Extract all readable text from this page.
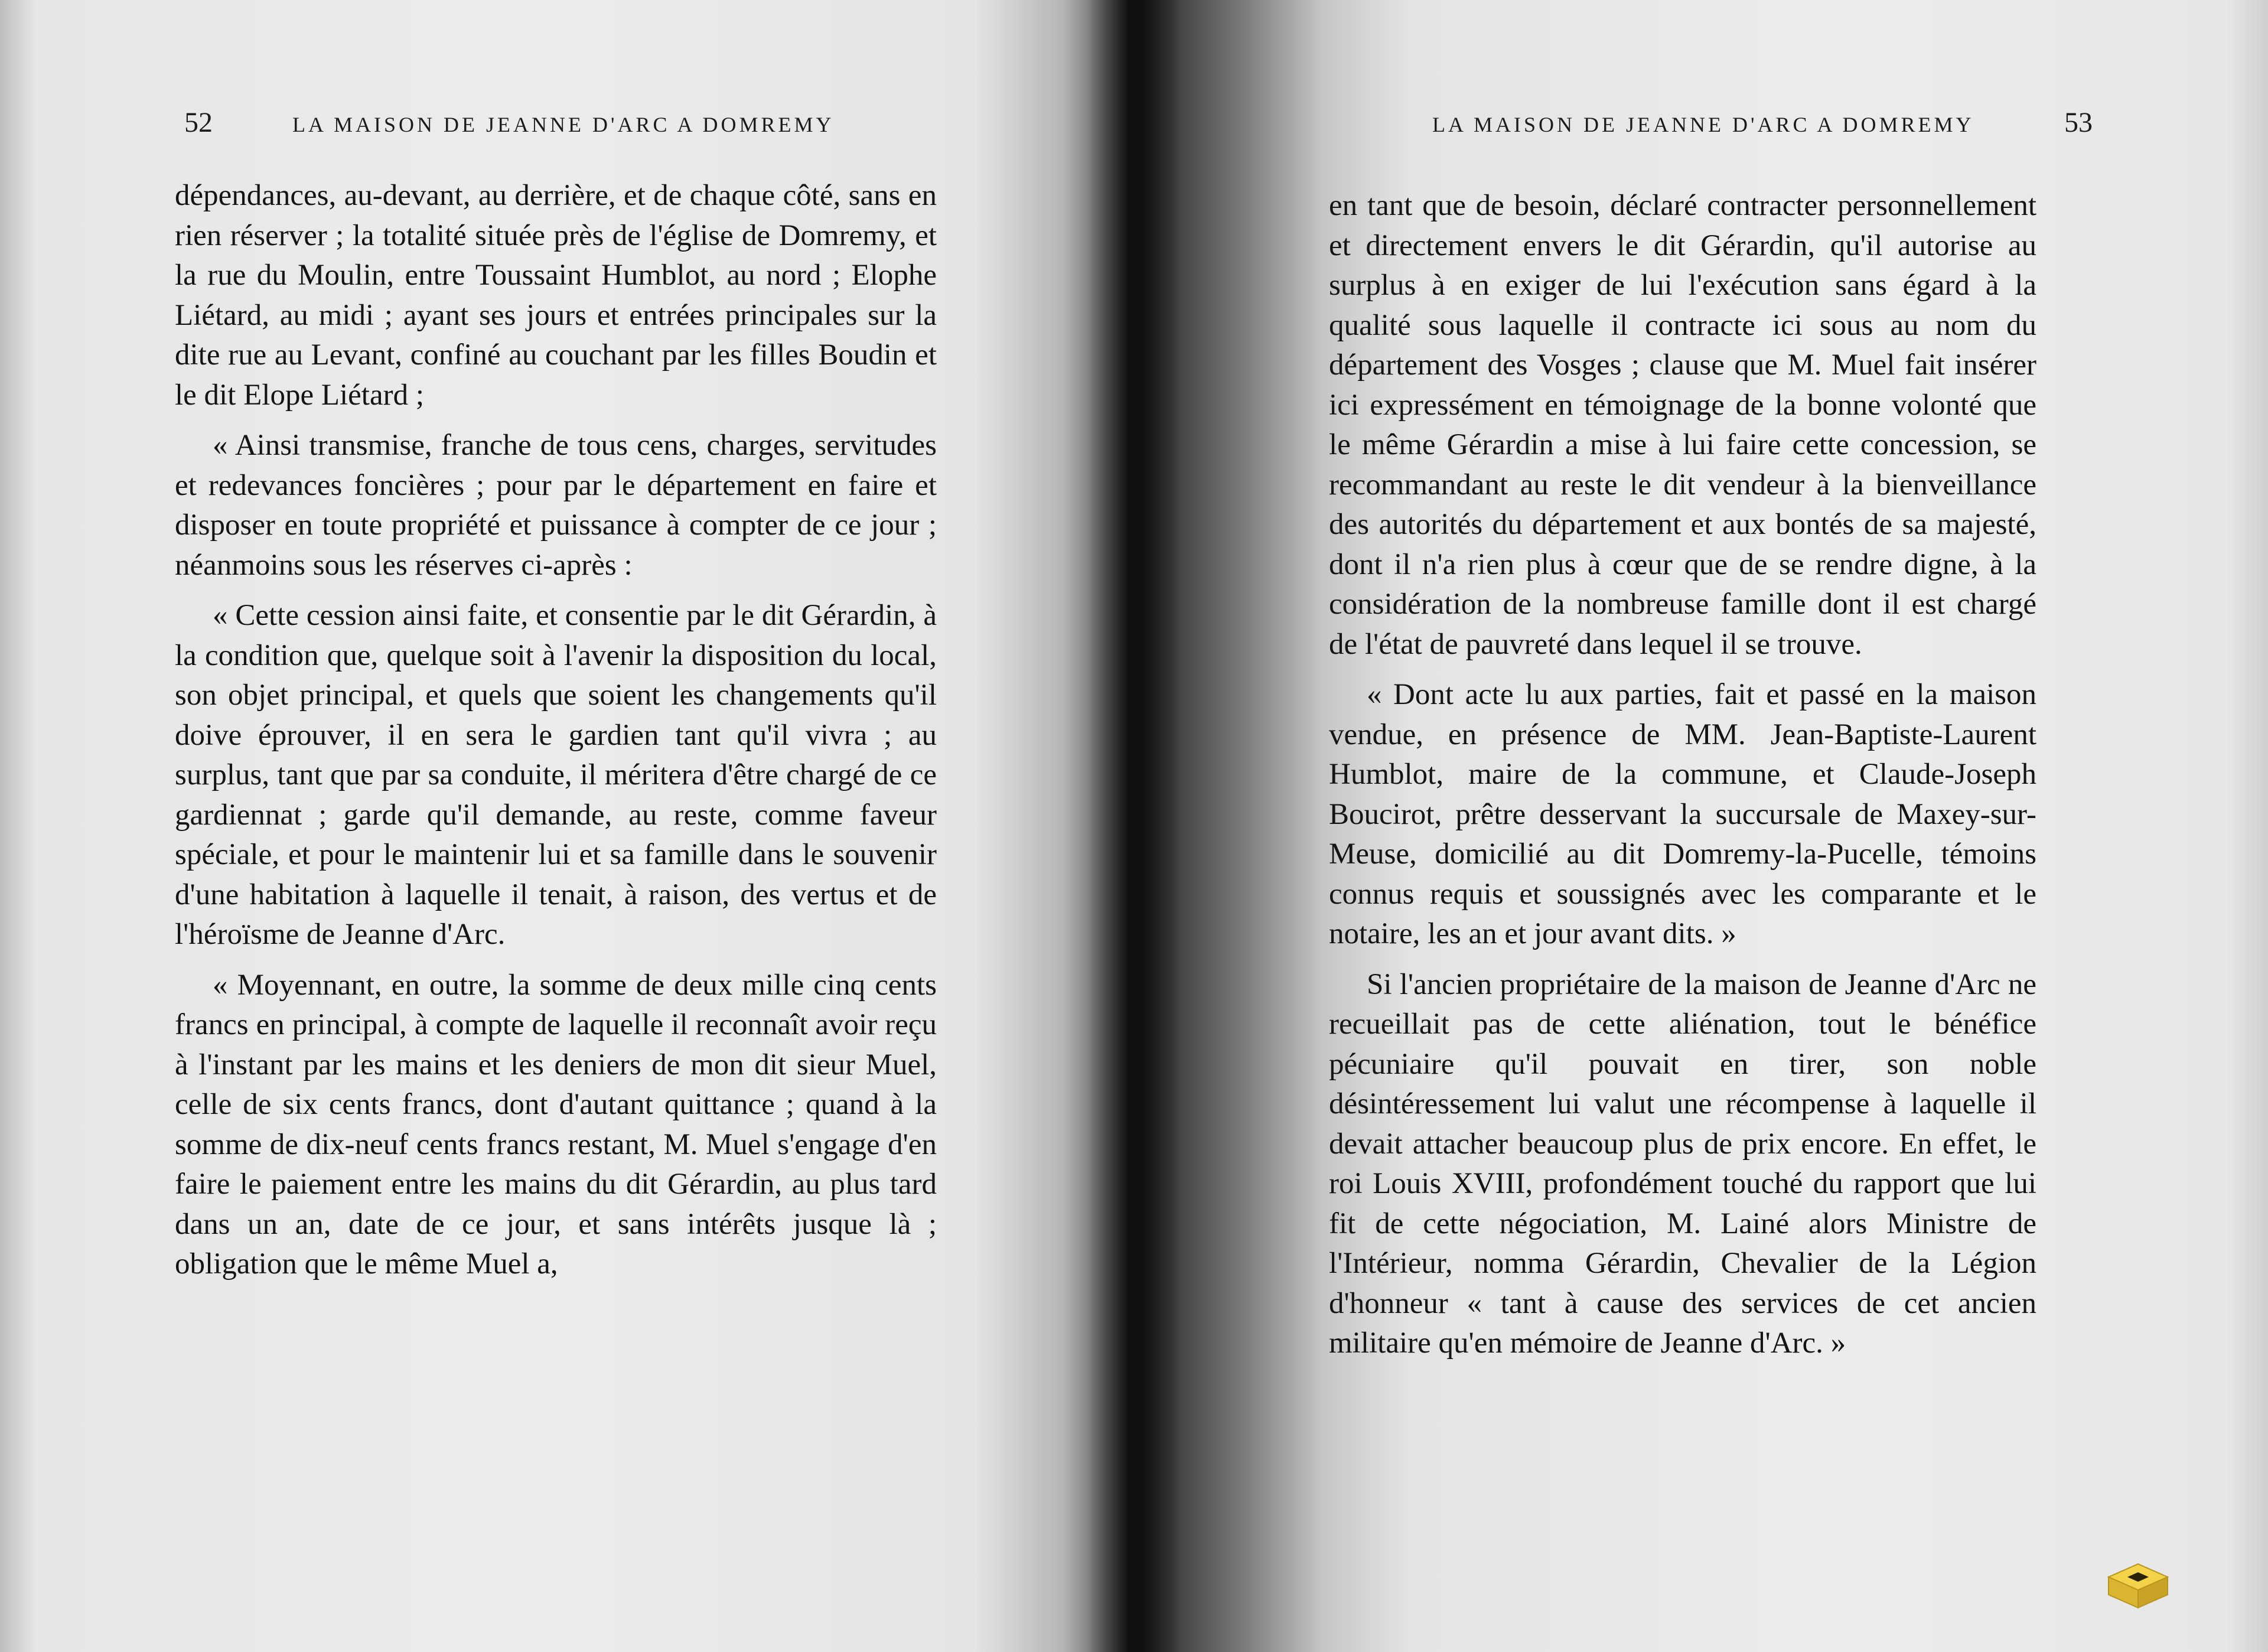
52	LA MAISON DE JEANNE D'ARC A DOMREMY

dépendances, au-devant, au derrière, et de chaque côté, sans en rien réserver ; la totalité située près de l'église de Domremy, et la rue du Moulin, entre Toussaint Humblot, au nord ; Elophe Liétard, au midi ; ayant ses jours et entrées principales sur la dite rue au Levant, confiné au couchant par les filles Boudin et le dit Elope Liétard ;

« Ainsi transmise, franche de tous cens, charges, servitudes et redevances foncières ; pour par le département en faire et disposer en toute propriété et puissance à compter de ce jour ; néanmoins sous les réserves ci-après :

« Cette cession ainsi faite, et consentie par le dit Gérardin, à la condition que, quelque soit à l'avenir la disposition du local, son objet principal, et quels que soient les changements qu'il doive éprouver, il en sera le gardien tant qu'il vivra ; au surplus, tant que par sa conduite, il méritera d'être chargé de ce gardiennat ; garde qu'il demande, au reste, comme faveur spéciale, et pour le maintenir lui et sa famille dans le souvenir d'une habitation à laquelle il tenait, à raison, des vertus et de l'héroïsme de Jeanne d'Arc.

« Moyennant, en outre, la somme de deux mille cinq cents francs en principal, à compte de laquelle il reconnaît avoir reçu à l'instant par les mains et les deniers de mon dit sieur Muel, celle de six cents francs, dont d'autant quittance ; quand à la somme de dix-neuf cents francs restant, M. Muel s'engage d'en faire le paiement entre les mains du dit Gérardin, au plus tard dans un an, date de ce jour, et sans intérêts jusque là ; obligation que le même Muel a,

LA MAISON DE JEANNE D'ARC A DOMREMY	53

en tant que de besoin, déclaré contracter personnellement et directement envers le dit Gérardin, qu'il autorise au surplus à en exiger de lui l'exécution sans égard à la qualité sous laquelle il contracte ici sous au nom du département des Vosges ; clause que M. Muel fait insérer ici expressément en témoignage de la bonne volonté que le même Gérardin a mise à lui faire cette concession, se recommandant au reste le dit vendeur à la bienveillance des autorités du département et aux bontés de sa majesté, dont il n'a rien plus à cœur que de se rendre digne, à la considération de la nombreuse famille dont il est chargé de l'état de pauvreté dans lequel il se trouve.

« Dont acte lu aux parties, fait et passé en la maison vendue, en présence de MM. Jean-Baptiste-Laurent Humblot, maire de la commune, et Claude-Joseph Boucirot, prêtre desservant la succursale de Maxey-sur-Meuse, domicilié au dit Domremy-la-Pucelle, témoins connus requis et soussignés avec les comparante et le notaire, les an et jour avant dits. »

Si l'ancien propriétaire de la maison de Jeanne d'Arc ne recueillait pas de cette aliénation, tout le bénéfice pécuniaire qu'il pouvait en tirer, son noble désintéressement lui valut une récompense à laquelle il devait attacher beaucoup plus de prix encore. En effet, le roi Louis XVIII, profondément touché du rapport que lui fit de cette négociation, M. Lainé alors Ministre de l'Intérieur, nomma Gérardin, Chevalier de la Légion d'honneur « tant à cause des services de cet ancien militaire qu'en mémoire de Jeanne d'Arc. »
